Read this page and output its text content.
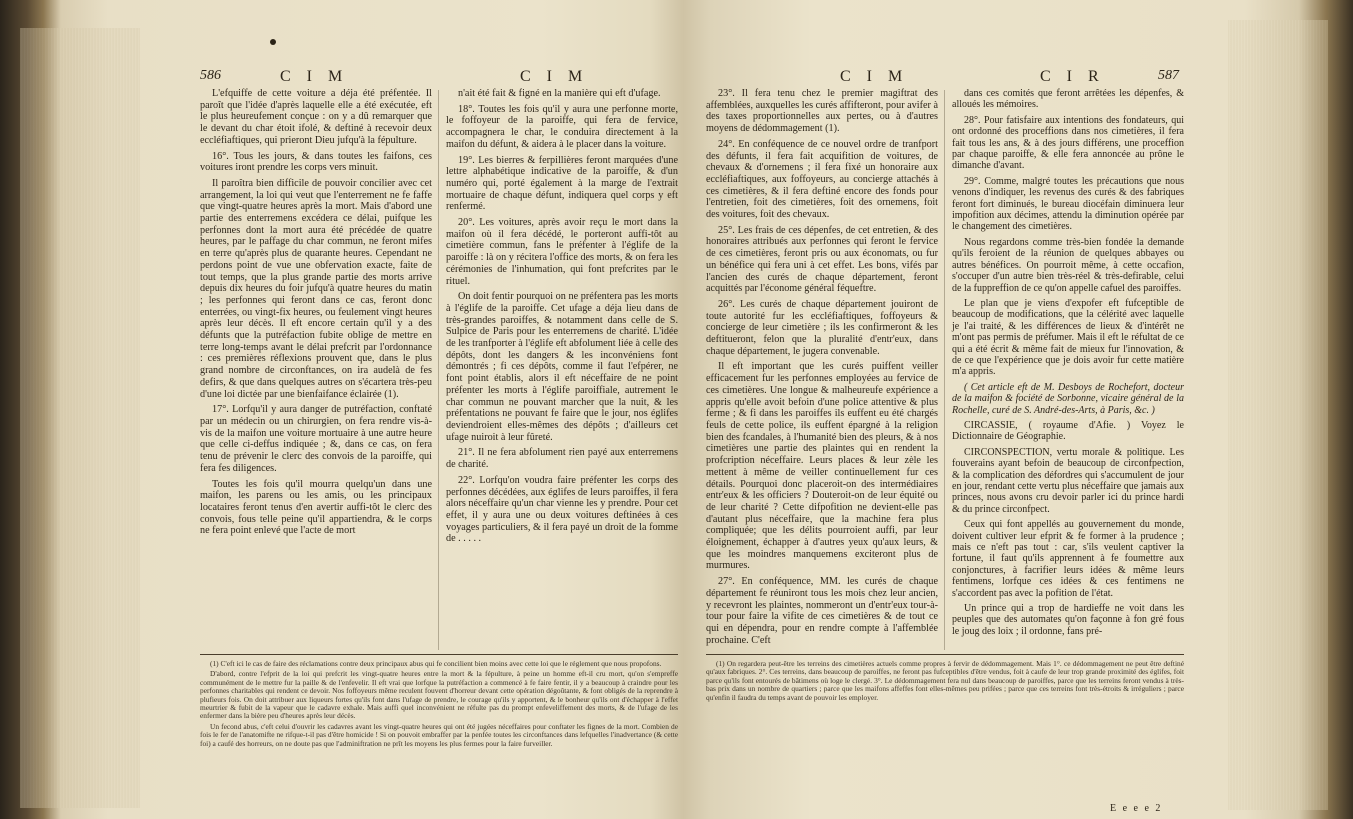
586	C I M	C I M

L'efquiffe de cette voiture a déja été préfentée. Il paroît que l'idée d'après laquelle elle a été exécutée, eft le plus heureufement conçue : on y a dû remarquer que le devant du char étoit ifolé, & deftiné à recevoir deux eccléfiaftiques, qui prieront Dieu jufqu'à la fépulture.

16°. Tous les jours, & dans toutes les faifons, ces voitures iront prendre les corps vers minuit.

Il paroîtra bien difficile de pouvoir concilier avec cet arrangement, la loi qui veut que l'enterrement ne fe faffe que vingt-quatre heures après la mort. Mais d'abord une partie des enterremens excédera ce délai, puifque les perfonnes dont la mort aura été précédée de quatre heures, par le paffage du char commun, ne feront mifes en terre qu'après plus de quarante heures. Cependant ne perdons point de vue une obfervation exacte, faite de tout temps, que la plus grande partie des morts arrive depuis dix heures du foir jufqu'à quatre heures du matin ; les perfonnes qui feront dans ce cas, feront donc enterrées, ou vingt-fix heures, ou feulement vingt heures après leur décès. Il eft encore certain qu'il y a des défunts que la putréfaction fubite oblige de mettre en terre long-temps avant le délai prefcrit par l'ordonnance : ces premières réflexions prouvent que, dans le plus grand nombre de circonftances, on ira audelà de fes defirs, & que dans quelques autres on s'écartera très-peu d'une loi dictée par une bienfaifance éclairée (1).

17°. Lorfqu'il y aura danger de putréfaction, conftaté par un médecin ou un chirurgien, on fera rendre vis-à-vis de la maifon une voiture mortuaire à une autre heure que celle ci-deffus indiquée ; &, dans ce cas, on fera tenu de prévenir le clerc des convois de la paroiffe, qui fera fes diligences.

Toutes les fois qu'il mourra quelqu'un dans une maifon, les parens ou les amis, ou les principaux locataires feront tenus d'en avertir auffi-tôt le clerc des convois, fous telle peine qu'il appartiendra, & le corps ne fera point enlevé que l'acte de mort

n'ait été fait & figné en la manière qui eft d'ufage.

18°. Toutes les fois qu'il y aura une perfonne morte, le foffoyeur de la paroiffe, qui fera de fervice, accompagnera le char, le conduira directement à la maifon du défunt, & aidera à le placer dans la voiture.

19°. Les bierres & ferpillières feront marquées d'une lettre alphabétique indicative de la paroiffe, & d'un numéro qui, porté également à la marge de l'extrait mortuaire de chaque défunt, indiquera quel corps y eft renfermé.

20°. Les voitures, après avoir reçu le mort dans la maifon où il fera décédé, le porteront auffi-tôt au cimetière commun, fans le préfenter à l'églife de la paroiffe : là on y récitera l'office des morts, & on fera les cérémonies de l'inhumation, qui font prefcrites par le rituel.

On doit fentir pourquoi on ne préfentera pas les morts à l'églife de la paroiffe. Cet ufage a déja lieu dans de très-grandes paroiffes, & notamment dans celle de S. Sulpice de Paris pour les enterremens de charité. L'idée de les tranfporter à l'églife eft abfolument liée à celle des dépôts, dont les dangers & les inconvéniens font démontrés ; fi ces dépôts, comme il faut l'efpérer, ne font point établis, alors il eft néceffaire de ne point préfenter les morts à l'églife paroiffiale, autrement le char commun ne pouvant marcher que la nuit, & les préfentations ne pouvant fe faire que le jour, nos églifes deviendroient elles-mêmes des dépôts ; d'ailleurs cet ufage nuiroit à leur fûreté.

21°. Il ne fera abfolument rien payé aux enterremens de charité.

22°. Lorfqu'on voudra faire préfenter les corps des perfonnes décédées, aux églifes de leurs paroiffes, il fera alors néceffaire qu'un char vienne les y prendre. Pour cet effet, il y aura une ou deux voitures deftinées à ces voyages particuliers, & il fera payé un droit de la fomme de . . . . .

(1) C'eft ici le cas de faire des réclamations contre deux principaux abus qui fe concilient bien moins avec cette loi que le réglement que nous propofons.

D'abord, contre l'efprit de la loi qui prefcrit les vingt-quatre heures entre la mort & la fépulture, à peine un homme eft-il cru mort, qu'on s'empreffe communément de le mettre fur la paille & de l'enfevelir. Il eft vrai que lorfque la putréfaction a commencé à fe faire fentir, il y a beaucoup à craindre pour les perfonnes charitables qui rendent ce devoir. Nos foffoyeurs même reculent fouvent d'horreur devant cette opération dégoûtante, & font obligés de la reprendre à plufieurs fois. On doit attribuer aux liqueurs fortes qu'ils font dans l'ufage de prendre, le courage qu'ils y apportent, & le bonheur qu'ils ont d'échapper à l'effet meurtrier & fubit de la vapeur que le cadavre exhale. Mais auffi quel inconvénient ne réfulte pas du prompt enfeveliffement des morts, & de l'ufage de les enfermer dans la bière peu d'heures après leur décès.

Un fecond abus, c'eft celui d'ouvrir les cadavres avant les vingt-quatre heures qui ont été jugées néceffaires pour conftater les fignes de la mort. Combien de fois le fer de l'anatomifte ne rifque-t-il pas d'être homicide ! Si on pouvoit embraffer par la penfée toutes les circonftances dans lefquelles l'inadvertance (& cette foi) a caufé des horreurs, on ne doute pas que l'adminiftration ne prît les moyens les plus fermes pour la faire furveiller.

C I M	C I R	587

23°. Il fera tenu chez le premier magiftrat des affemblées, auxquelles les curés affifteront, pour avifer à des taxes proportionnelles aux pertes, ou à d'autres moyens de dédommagement (1).

24°. En conféquence de ce nouvel ordre de tranfport des défunts, il fera fait acquifition de voitures, de chevaux & d'ornemens ; il fera fixé un honoraire aux eccléfiaftiques, aux foffoyeurs, au concierge attachés à ces cimetières, & il fera deftiné encore des fonds pour l'entretien, foit des cimetières, foit des ornemens, foit des voitures, foit des chevaux.

25°. Les frais de ces dépenfes, de cet entretien, & des honoraires attribués aux perfonnes qui feront le fervice de ces cimetières, feront pris ou aux économats, ou fur un bénéfice qui fera uni à cet effet. Les bons, vifés par l'ancien des curés de chaque département, feront acquittés par l'économe général féqueftre.

26°. Les curés de chaque département jouiront de toute autorité fur les eccléfiaftiques, foffoyeurs & concierge de leur cimetière ; ils les confirmeront & les deftitueront, felon que la pluralité d'entr'eux, dans chaque département, le jugera convenable.

Il eft important que les curés puiffent veiller efficacement fur les perfonnes employées au fervice de ces cimetières. Une longue & malheureufe expérience a appris qu'elle avoit befoin d'une police attentive & plus ferme ; & fi dans les paroiffes ils euffent eu été chargés feuls de cette police, ils euffent épargné à la religion bien des fcandales, à l'humanité bien des pleurs, & à nos cimetières une partie des plaintes qui en rendent la profcription néceffaire. Leurs places & leur zèle les mettent à même de veiller continuellement fur ces détails. Pourquoi donc placeroit-on des intermédiaires entr'eux & les officiers ? Douteroit-on de leur équité ou de leur charité ? Cette difpofition ne devient-elle pas d'autant plus néceffaire, que la machine fera plus compliquée; que les délits pourroient auffi, par leur éloignement, échapper à d'autres yeux qu'aux leurs, & que les moindres manquemens exciteront plus de murmures.

27°. En conféquence, MM. les curés de chaque département fe réuniront tous les mois chez leur ancien, y recevront les plaintes, nommeront un d'entr'eux tour-à-tour pour faire la vifite de ces cimetières & de tout ce qui en dépendra, pour en rendre compte à l'affemblée prochaine. C'eft

dans ces comités que feront arrêtées les dépenfes, & alloués les mémoires.

28°. Pour fatisfaire aux intentions des fondateurs, qui ont ordonné des proceffions dans nos cimetières, il fera fait tous les ans, & à des jours différens, une proceffion par chaque paroiffe, & elle fera annoncée au prône le dimanche d'avant.

29°. Comme, malgré toutes les précautions que nous venons d'indiquer, les revenus des curés & des fabriques feront fort diminués, le bureau diocéfain diminuera leur impofition aux décimes, attendu la diminution opérée par le changement des cimetières.

Nous regardons comme très-bien fondée la demande qu'ils feroient de la réunion de quelques abbayes ou autres bénéfices. On pourroit même, à cette occafion, s'occuper d'un autre bien très-réel & très-defirable, celui de la fuppreffion de ce qu'on appelle cafuel des paroiffes.

Le plan que je viens d'expofer eft fufceptible de beaucoup de modifications, que la célérité avec laquelle je l'ai traité, & les différences de lieux & d'intérêt ne m'ont pas permis de préfumer. Mais il eft le réfultat de ce qui a été écrit & même fait de mieux fur l'innovation, & de ce que l'expérience que je dois avoir fur cette matière m'a appris.

( Cet article eft de M. Desboys de Rochefort, docteur de la maifon & fociété de Sorbonne, vicaire général de la Rochelle, curé de S. André-des-Arts, à Paris, &c. )

CIRCASSIE, ( royaume d'Afie. ) Voyez le Dictionnaire de Géographie.

CIRCONSPECTION, vertu morale & politique. Les fouverains ayant befoin de beaucoup de circonfpection, & la complication des défordres qui s'accumulent de jour en jour, rendant cette vertu plus néceffaire que jamais aux princes, nous avons cru devoir parler ici du prince hardi & du prince circonfpect.

Ceux qui font appellés au gouvernement du monde, doivent cultiver leur efprit & fe former à la prudence ; mais ce n'eft pas tout : car, s'ils veulent captiver la fortune, il faut qu'ils apprennent à fe foumettre aux conjonctures, à facrifier leurs idées & même leurs fentimens, lorfque ces idées & ces fentimens ne s'accordent pas avec la pofition de l'état.

Un prince qui a trop de hardieffe ne voit dans les peuples que des automates qu'on façonne à fon gré fous le joug des loix ; il ordonne, fans pré-

(1) On regardera peut-être les terreins des cimetières actuels comme propres à fervir de dédommagement. Mais 1°. ce dédommagement ne peut être deftiné qu'aux fabriques. 2°. Ces terreins, dans beaucoup de paroiffes, ne feront pas fufceptibles d'être vendus, foit à caufe de leur trop grande proximité des églifes, foit parce qu'ils font entourés de bâtimens où loge le clergé. 3°. Le dédommagement fera nul dans beaucoup de paroiffes, parce que les terreins feront vendus à très-bas prix dans un nombre de quartiers ; parce que les maifons affeffes font elles-mêmes peu prifées ; parce que ces terreins font très-étroits & irréguliers ; parce qu'enfin il faudra du temps avant de pouvoir les employer.

E e e e 2
